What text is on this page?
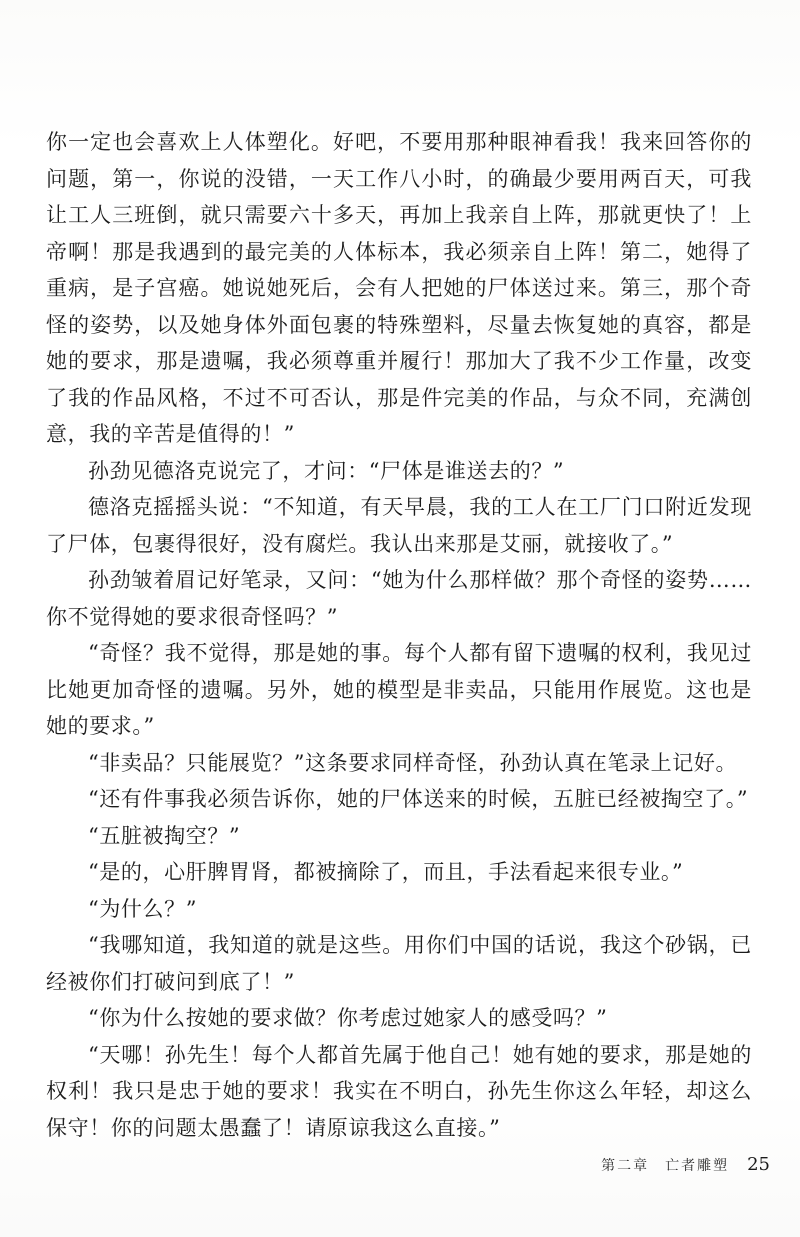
你一定也会喜欢上人体塑化。好吧，不要用那种眼神看我！我来回答你的问题，第一，你说的没错，一天工作八小时，的确最少要用两百天，可我让工人三班倒，就只需要六十多天，再加上我亲自上阵，那就更快了！上帝啊！那是我遇到的最完美的人体标本，我必须亲自上阵！第二，她得了重病，是子宫癌。她说她死后，会有人把她的尸体送过来。第三，那个奇怪的姿势，以及她身体外面包裹的特殊塑料，尽量去恢复她的真容，都是她的要求，那是遗嘱，我必须尊重并履行！那加大了我不少工作量，改变了我的作品风格，不过不可否认，那是件完美的作品，与众不同，充满创意，我的辛苦是值得的！”

孙劲见德洛克说完了，才问：“尸体是谁送去的？”

德洛克摇摇头说：“不知道，有天早晨，我的工人在工厂门口附近发现了尸体，包裹得很好，没有腐烂。我认出来那是艾丽，就接收了。”

孙劲皱着眉记好笔录，又问：“她为什么那样做？那个奇怪的姿势……你不觉得她的要求很奇怪吗？”

“奇怪？我不觉得，那是她的事。每个人都有留下遗嘱的权利，我见过比她更加奇怪的遗嘱。另外，她的模型是非卖品，只能用作展览。这也是她的要求。”

“非卖品？只能展览？”这条要求同样奇怪，孙劲认真在笔录上记好。

“还有件事我必须告诉你，她的尸体送来的时候，五脏已经被掏空了。”

“五脏被掏空？”

“是的，心肝脾胃肾，都被摘除了，而且，手法看起来很专业。”

“为什么？”

“我哪知道，我知道的就是这些。用你们中国的话说，我这个砂锅，已经被你们打破问到底了！”

“你为什么按她的要求做？你考虑过她家人的感受吗？”

“天哪！孙先生！每个人都首先属于他自己！她有她的要求，那是她的权利！我只是忠于她的要求！我实在不明白，孙先生你这么年轻，却这么保守！你的问题太愚蠢了！请原谅我这么直接。”

第二章　亡者雕塑 25
